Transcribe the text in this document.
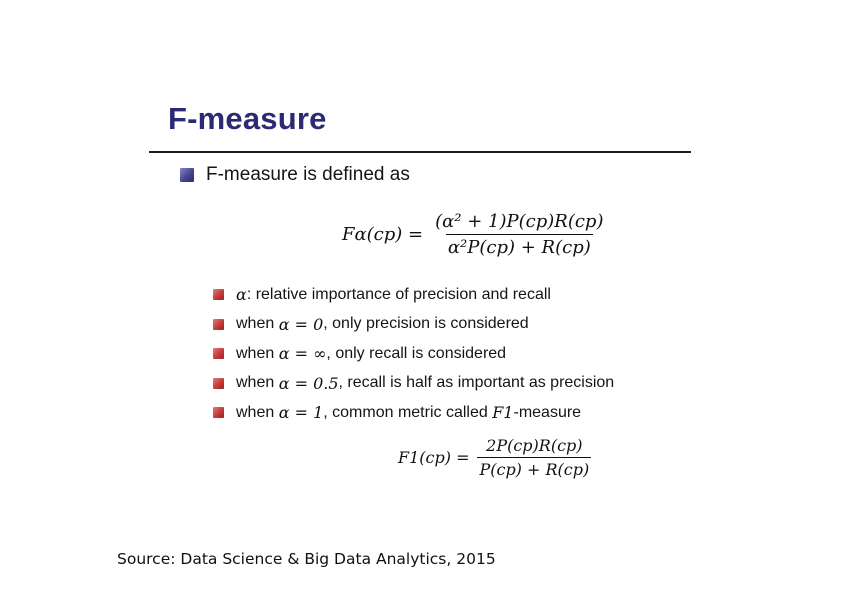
F-measure
F-measure is defined as
$F\alpha(cp) = \frac{\text{(α² + 1)P(cp)R(cp)}}{\text{α²P(cp) + R(cp)}}$
α : relative importance of precision and recall
when α = 0 , only precision is considered
when α = ∞ , only recall is considered
when α = 0.5 , recall is half as important as precision
when α = 1 , common metric called F1 -measure
$F1(cp) = \frac{2P(cp)R(cp)}{P(cp) + R(cp)}$
Source: Data Science & Big Data Analytics, 2015
